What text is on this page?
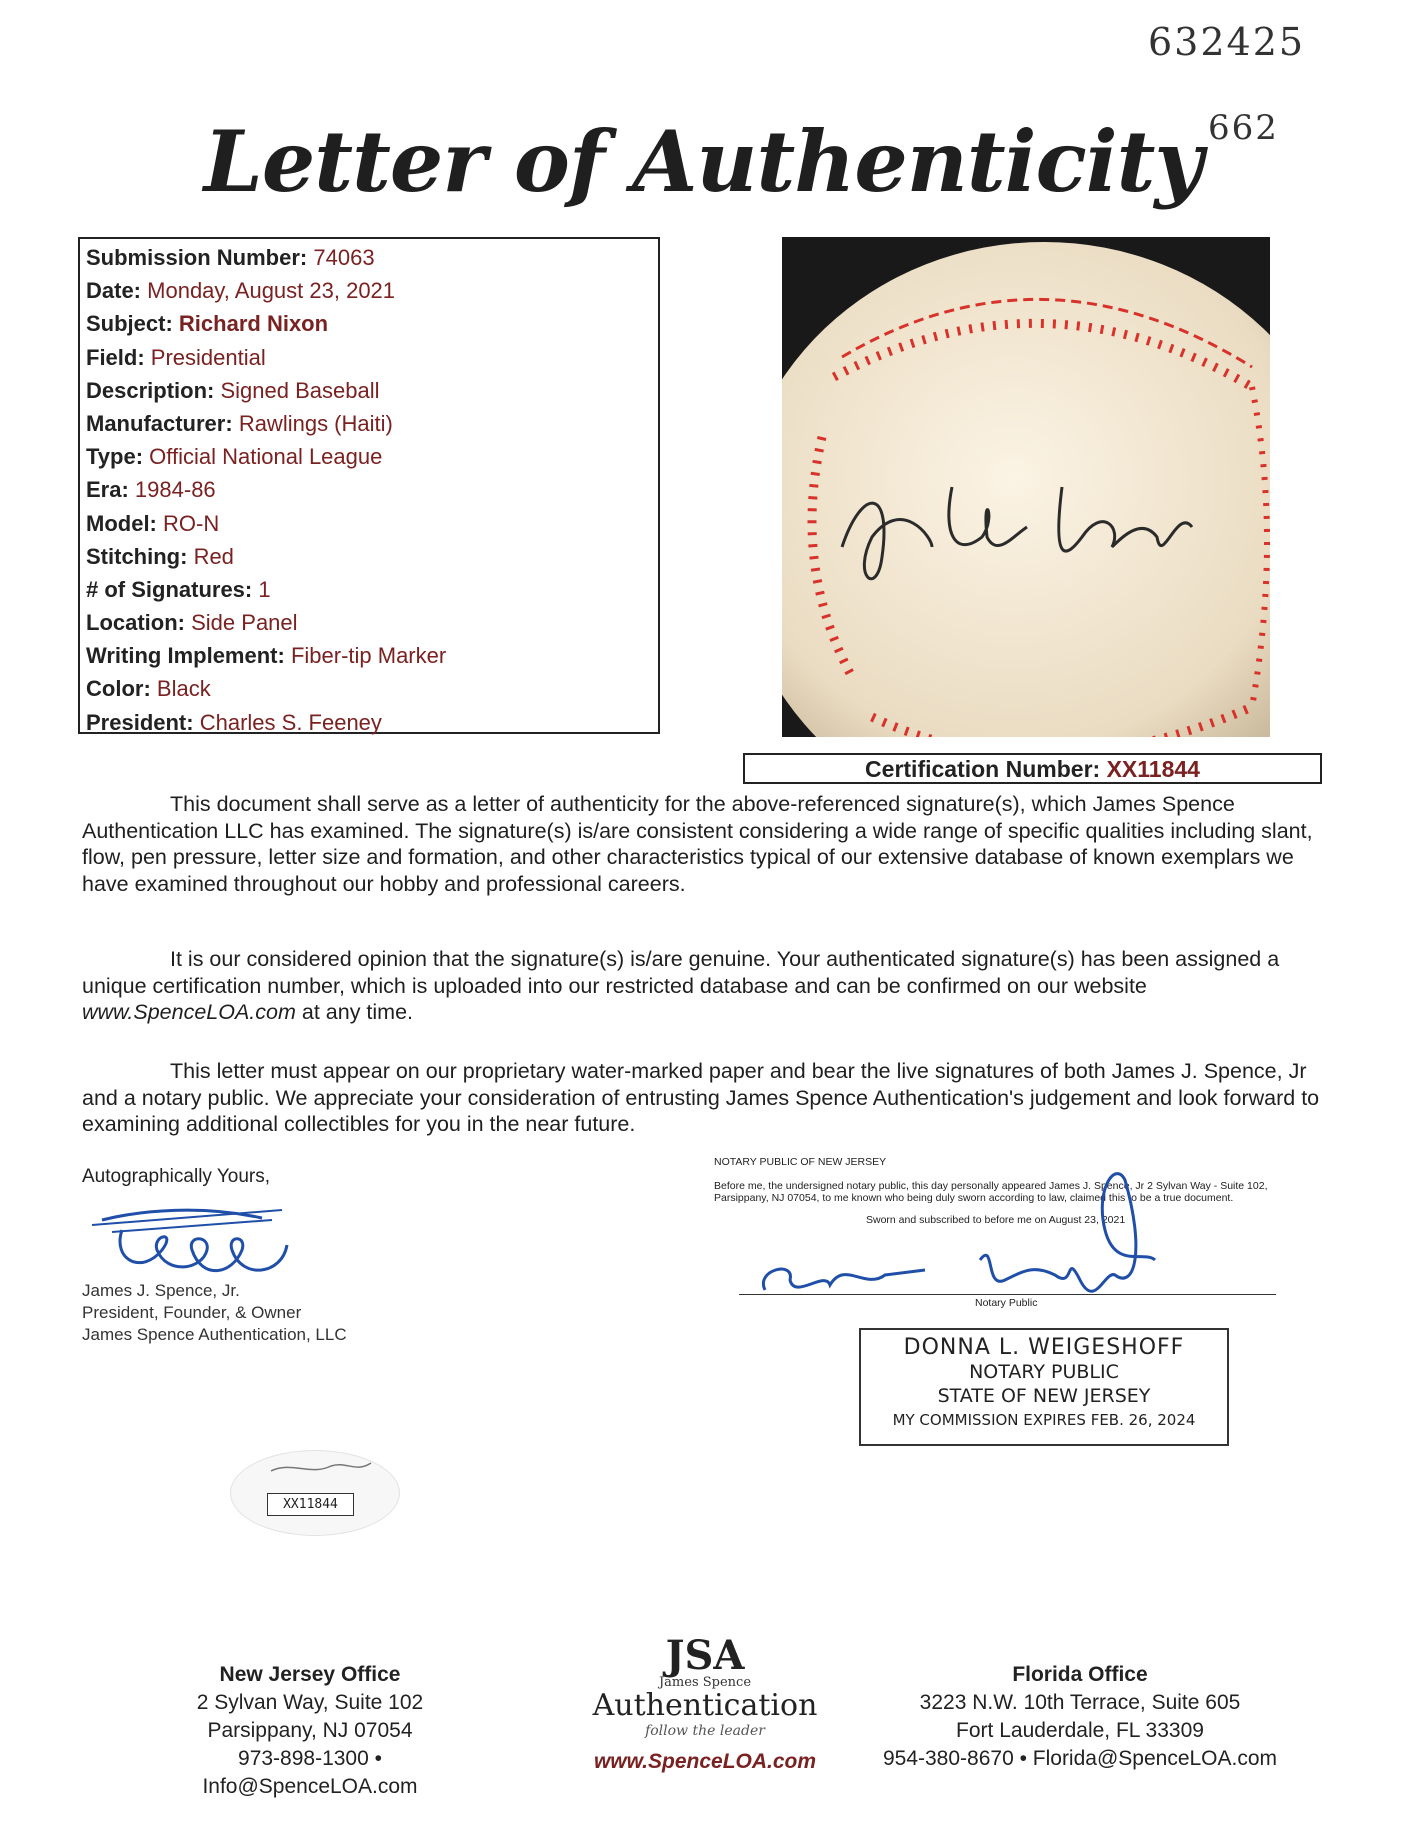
632425
662
Letter of Authenticity
Submission Number: 74063
Date: Monday, August 23, 2021
Subject: Richard Nixon
Field: Presidential
Description: Signed Baseball
Manufacturer: Rawlings (Haiti)
Type: Official National League
Era: 1984-86
Model: RO-N
Stitching: Red
# of Signatures: 1
Location: Side Panel
Writing Implement: Fiber-tip Marker
Color: Black
President: Charles S. Feeney
Certification Number: XX11844
This document shall serve as a letter of authenticity for the above-referenced signature(s), which James Spence Authentication LLC has examined. The signature(s) is/are consistent considering a wide range of specific qualities including slant, flow, pen pressure, letter size and formation, and other characteristics typical of our extensive database of known exemplars we have examined throughout our hobby and professional careers.
It is our considered opinion that the signature(s) is/are genuine. Your authenticated signature(s) has been assigned a unique certification number, which is uploaded into our restricted database and can be confirmed on our website www.SpenceLOA.com at any time.
This letter must appear on our proprietary water-marked paper and bear the live signatures of both James J. Spence, Jr and a notary public. We appreciate your consideration of entrusting James Spence Authentication's judgement and look forward to examining additional collectibles for you in the near future.
Autographically Yours,
James J. Spence, Jr.
President, Founder, & Owner
James Spence Authentication, LLC
NOTARY PUBLIC OF NEW JERSEY
Before me, the undersigned notary public, this day personally appeared James J. Spence, Jr 2 Sylvan Way - Suite 102, Parsippany, NJ 07054, to me known who being duly sworn according to law, claimed this to be a true document.
Sworn and subscribed to before me on August 23, 2021
Notary Public
DONNA L. WEIGESHOFF
NOTARY PUBLIC
STATE OF NEW JERSEY
MY COMMISSION EXPIRES FEB. 26, 2024
XX11844
New Jersey Office
2 Sylvan Way, Suite 102
Parsippany, NJ 07054
973-898-1300 • Info@SpenceLOA.com
JSA
James Spence
Authentication
follow the leader
www.SpenceLOA.com
Florida Office
3223 N.W. 10th Terrace, Suite 605
Fort Lauderdale, FL 33309
954-380-8670 • Florida@SpenceLOA.com
